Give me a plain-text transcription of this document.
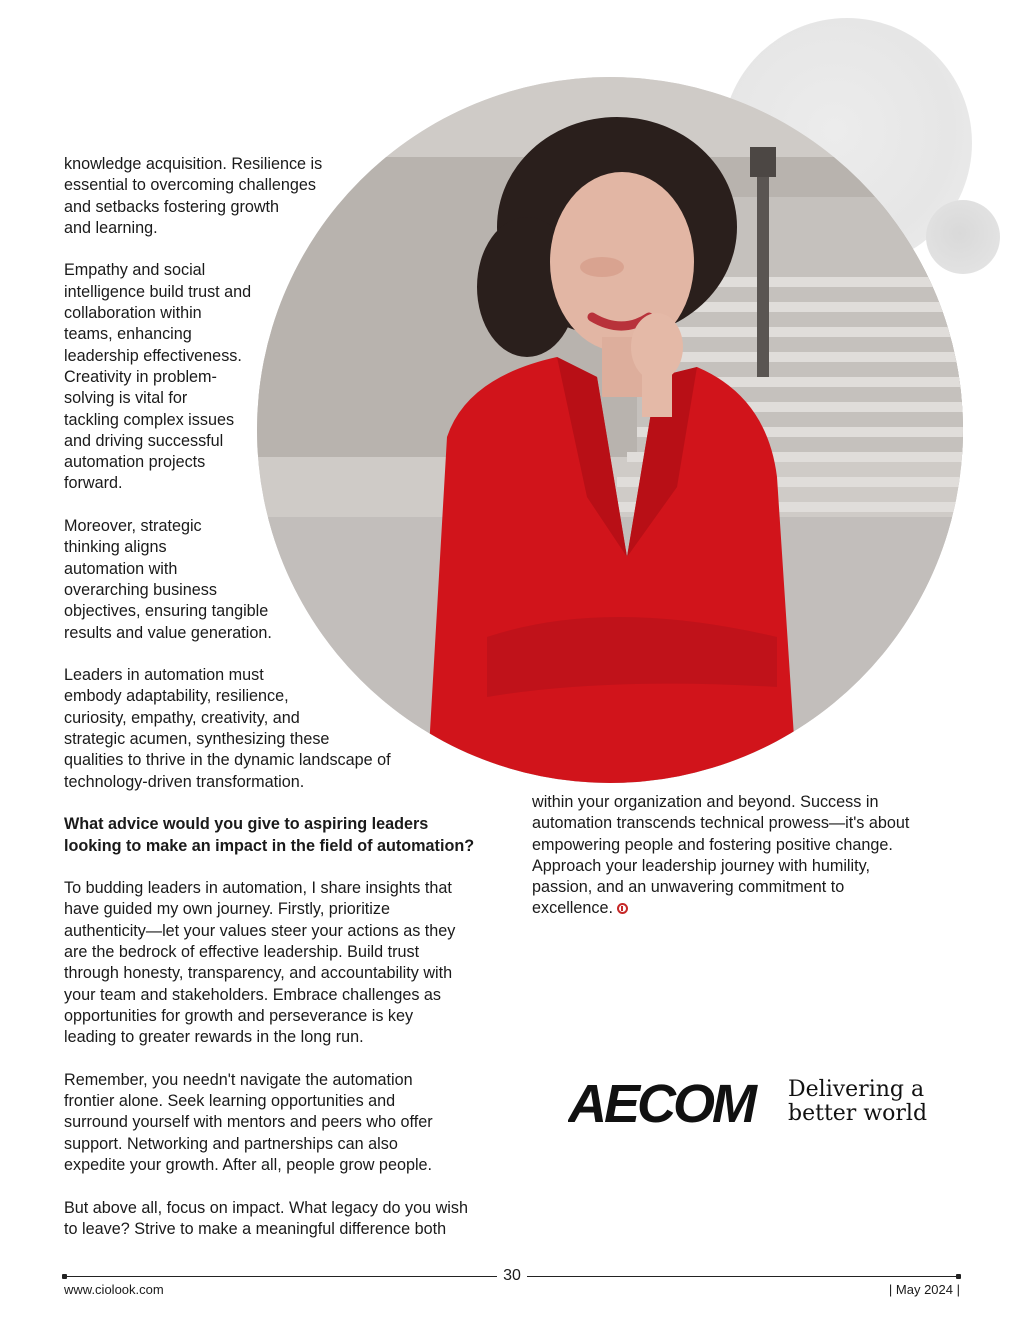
knowledge acquisition. Resilience is
essential to overcoming challenges
and setbacks fostering growth
and learning.

Empathy and social
intelligence build trust and
collaboration within
teams, enhancing
leadership effectiveness.
Creativity in problem-
solving is vital for
tackling complex issues
and driving successful
automation projects
forward.

Moreover, strategic
thinking aligns
automation with
overarching business
objectives, ensuring tangible
results and value generation.

Leaders in automation must
embody adaptability, resilience,
curiosity, empathy, creativity, and
strategic acumen, synthesizing these
qualities to thrive in the dynamic landscape of
technology-driven transformation.

What advice would you give to aspiring leaders
looking to make an impact in the field of automation?

To budding leaders in automation, I share insights that
have guided my own journey. Firstly, prioritize
authenticity—let your values steer your actions as they
are the bedrock of effective leadership. Build trust
through honesty, transparency, and accountability with
your team and stakeholders. Embrace challenges as
opportunities for growth and perseverance is key
leading to greater rewards in the long run.

Remember, you needn't navigate the automation
frontier alone. Seek learning opportunities and
surround yourself with mentors and peers who offer
support. Networking and partnerships can also
expedite your growth. After all, people grow people.

But above all, focus on impact. What legacy do you wish
to leave? Strive to make a meaningful difference both

within your organization and beyond. Success in
automation transcends technical prowess—it's about
empowering people and fostering positive change.
Approach your leadership journey with humility,
passion, and an unwavering commitment to
excellence.

AECOM Delivering a
better world
30
www.ciolook.com	| May 2024 |
